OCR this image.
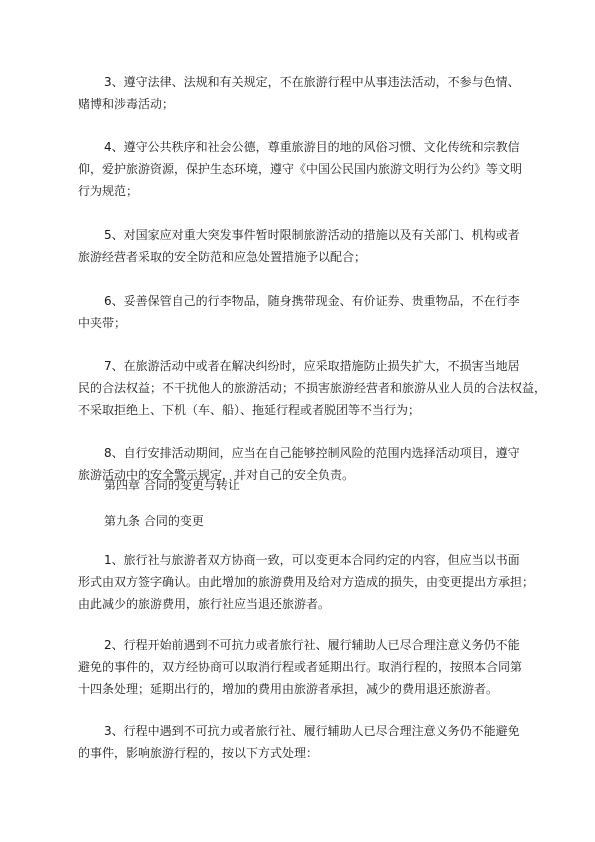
3、遵守法律、法规和有关规定，不在旅游行程中从事违法活动，不参与色情、
赌博和涉毒活动；
4、遵守公共秩序和社会公德，尊重旅游目的地的风俗习惯、文化传统和宗教信
仰，爱护旅游资源，保护生态环境，遵守《中国公民国内旅游文明行为公约》等文明
行为规范；
5、对国家应对重大突发事件暂时限制旅游活动的措施以及有关部门、机构或者
旅游经营者采取的安全防范和应急处置措施予以配合；
6、妥善保管自己的行李物品，随身携带现金、有价证券、贵重物品，不在行李
中夹带；
7、在旅游活动中或者在解决纠纷时，应采取措施防止损失扩大，不损害当地居
民的合法权益；不干扰他人的旅游活动；不损害旅游经营者和旅游从业人员的合法权益，
不采取拒绝上、下机（车、船）、拖延行程或者脱团等不当行为；
8、自行安排活动期间，应当在自己能够控制风险的范围内选择活动项目，遵守
旅游活动中的安全警示规定，并对自己的安全负责。
第四章 合同的变更与转让
第九条 合同的变更
1、旅行社与旅游者双方协商一致，可以变更本合同约定的内容，但应当以书面
形式由双方签字确认。由此增加的旅游费用及给对方造成的损失，由变更提出方承担；
由此减少的旅游费用，旅行社应当退还旅游者。
2、行程开始前遇到不可抗力或者旅行社、履行辅助人已尽合理注意义务仍不能
避免的事件的，双方经协商可以取消行程或者延期出行。取消行程的，按照本合同第
十四条处理；延期出行的，增加的费用由旅游者承担，减少的费用退还旅游者。
3、行程中遇到不可抗力或者旅行社、履行辅助人已尽合理注意义务仍不能避免
的事件，影响旅游行程的，按以下方式处理：
